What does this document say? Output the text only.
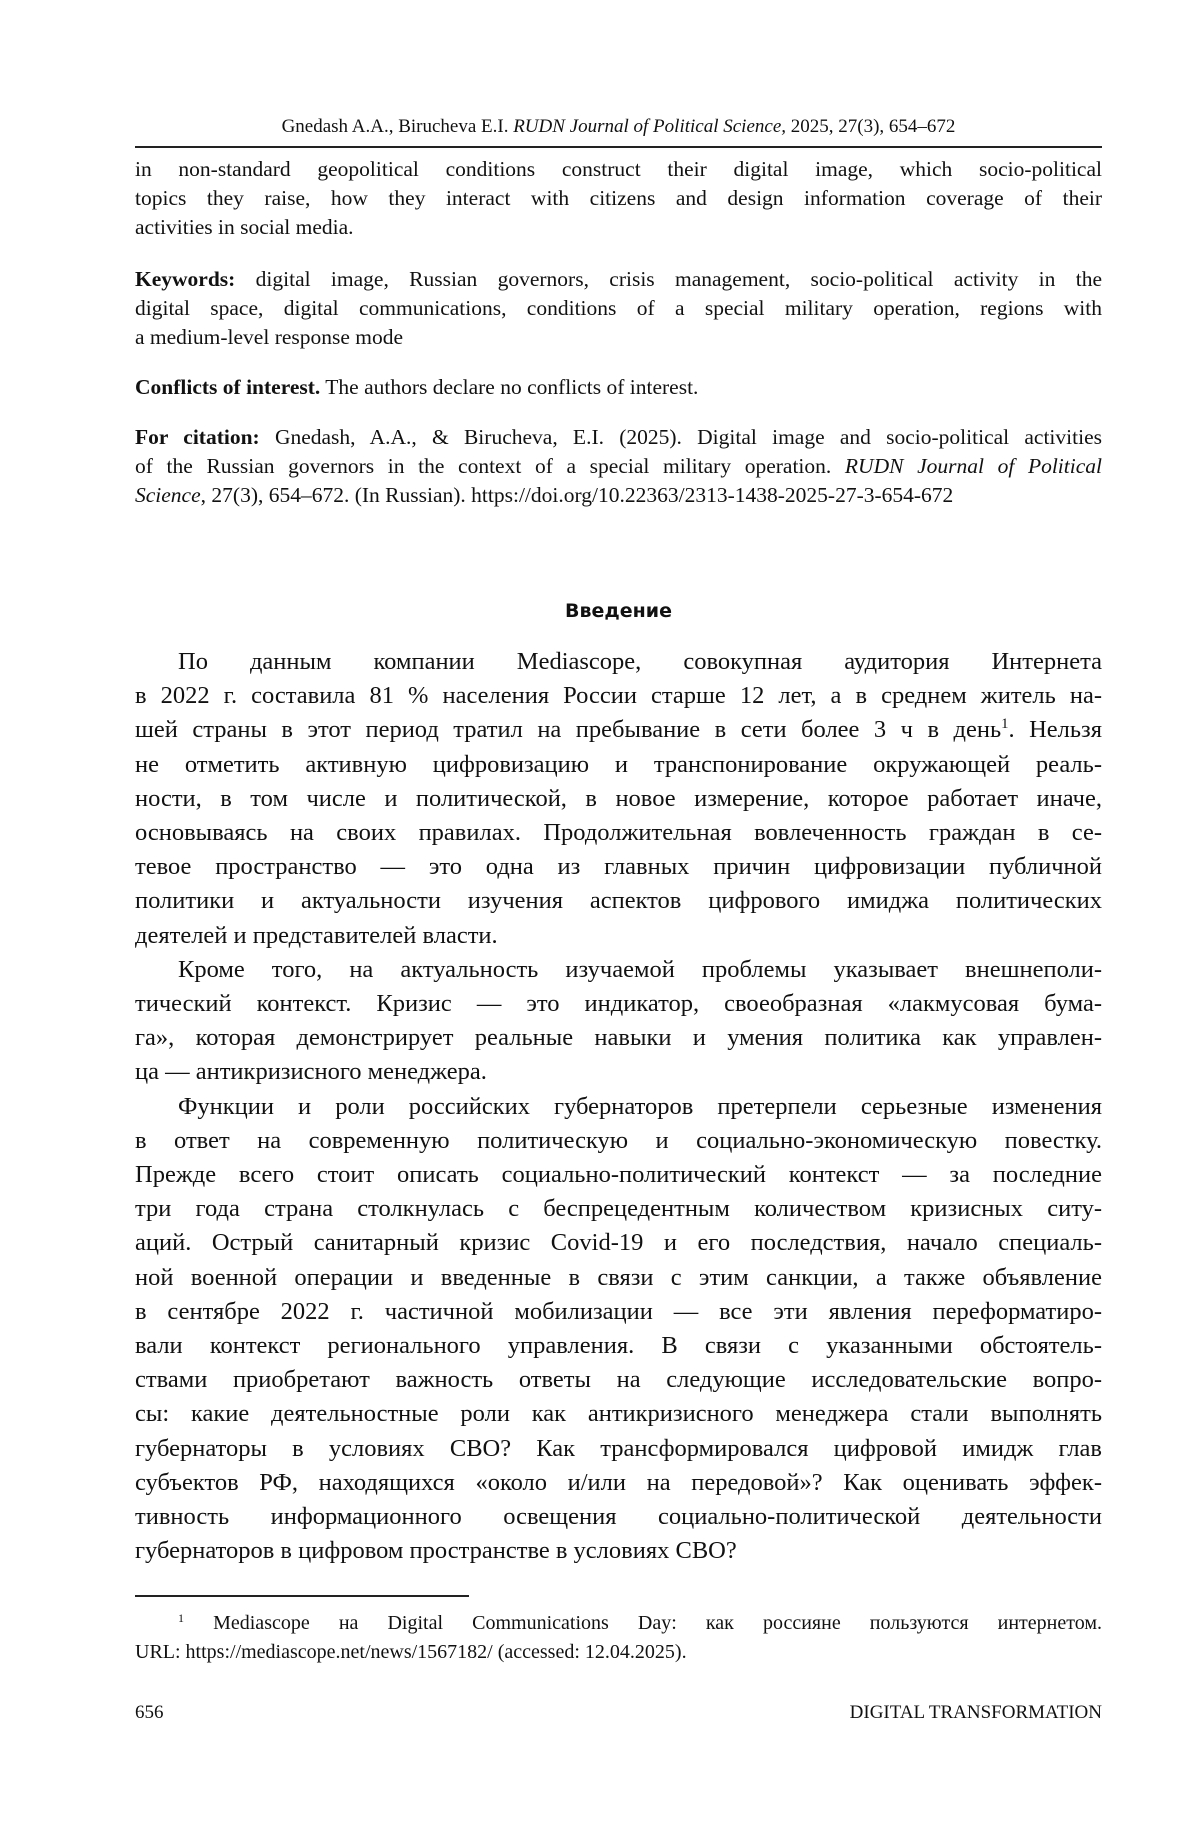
Gnedash A.A., Birucheva E.I. RUDN Journal of Political Science, 2025, 27(3), 654–672
in non-standard geopolitical conditions construct their digital image, which socio-political
topics they raise, how they interact with citizens and design information coverage of their
activities in social media.
Keywords: digital image, Russian governors, crisis management, socio-political activity in the
digital space, digital communications, conditions of a special military operation, regions with
a medium-level response mode
Conflicts of interest. The authors declare no conflicts of interest.
For citation: Gnedash, A.A., & Birucheva, E.I. (2025). Digital image and socio-political activities
of the Russian governors in the context of a special military operation. RUDN Journal of Political
Science, 27(3), 654–672. (In Russian). https://doi.org/10.22363/2313-1438-2025-27-3-654-672
Введение
По данным компании Mediascope, совокупная аудитория Интернета
в 2022 г. составила 81 % населения России старше 12 лет, а в среднем житель на-
шей страны в этот период тратил на пребывание в сети более 3 ч в день1. Нельзя
не отметить активную цифровизацию и транспонирование окружающей реаль-
ности, в том числе и политической, в новое измерение, которое работает иначе,
основываясь на своих правилах. Продолжительная вовлеченность граждан в се-
тевое пространство — это одна из главных причин цифровизации публичной
политики и актуальности изучения аспектов цифрового имиджа политических
деятелей и представителей власти.
Кроме того, на актуальность изучаемой проблемы указывает внешнеполи-
тический контекст. Кризис — это индикатор, своеобразная «лакмусовая бума-
га», которая демонстрирует реальные навыки и умения политика как управлен-
ца — антикризисного менеджера.
Функции и роли российских губернаторов претерпели серьезные изменения
в ответ на современную политическую и социально-экономическую повестку.
Прежде всего стоит описать социально-политический контекст — за последние
три года страна столкнулась с беспрецедентным количеством кризисных ситу-
аций. Острый санитарный кризис Covid-19 и его последствия, начало специаль-
ной военной операции и введенные в связи с этим санкции, а также объявление
в сентябре 2022 г. частичной мобилизации — все эти явления переформатиро-
вали контекст регионального управления. В связи с указанными обстоятель-
ствами приобретают важность ответы на следующие исследовательские вопро-
сы: какие деятельностные роли как антикризисного менеджера стали выполнять
губернаторы в условиях СВО? Как трансформировался цифровой имидж глав
субъектов РФ, находящихся «около и/или на передовой»? Как оценивать эффек-
тивность информационного освещения социально-политической деятельности
губернаторов в цифровом пространстве в условиях СВО?
1 Mediascope на Digital Communications Day: как россияне пользуются интернетом.
URL: https://mediascope.net/news/1567182/ (accessed: 12.04.2025).
656	DIGITAL TRANSFORMATION
